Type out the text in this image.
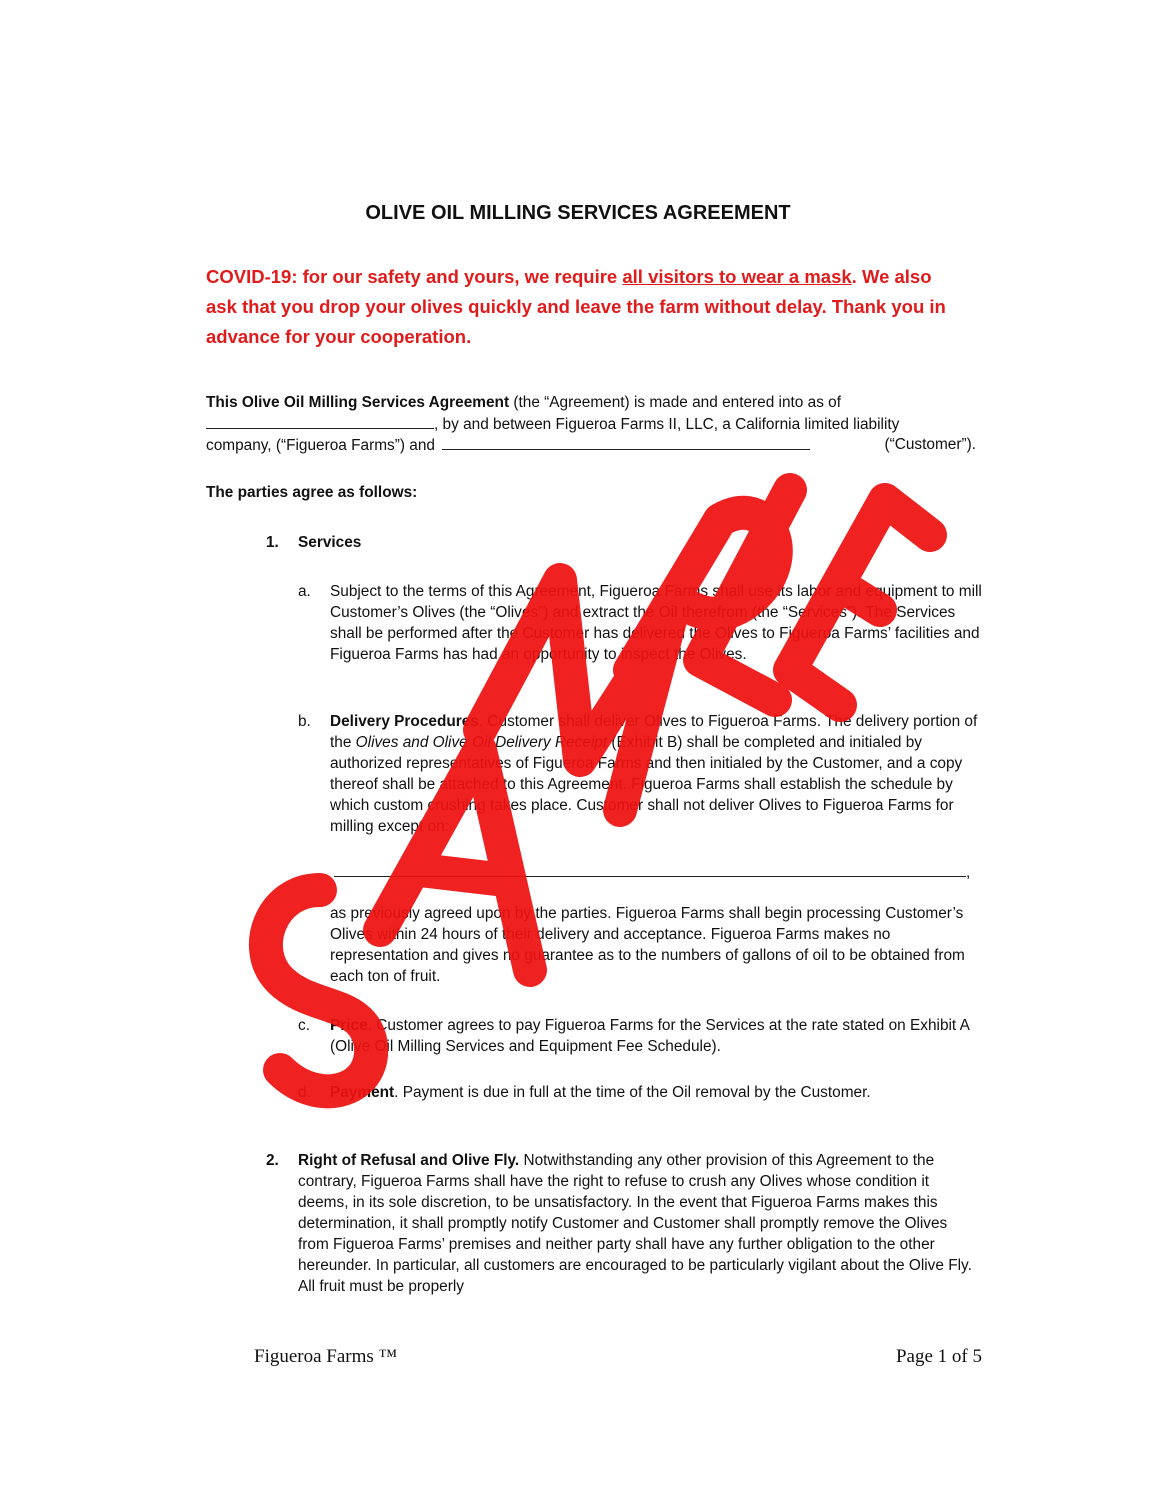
OLIVE OIL MILLING SERVICES AGREEMENT
COVID-19: for our safety and yours, we require all visitors to wear a mask. We also ask that you drop your olives quickly and leave the farm without delay. Thank you in advance for your cooperation.
This Olive Oil Milling Services Agreement (the “Agreement) is made and entered into as of
, by and between Figueroa Farms II, LLC, a California limited liability
company, (“Figueroa Farms”) and	(“Customer”).
The parties agree as follows:
1. Services
a. Subject to the terms of this Agreement, Figueroa Farms shall use its labor and equipment to mill Customer’s Olives (the “Olives”) and extract the Oil therefrom (the “Services”). The Services shall be performed after the Customer has delivered the Olives to Figueroa Farms’ facilities and Figueroa Farms has had an opportunity to inspect the Olives.
b. Delivery Procedures. Customer shall deliver Olives to Figueroa Farms. The delivery portion of the Olives and Olive Oil Delivery Receipt (Exhibit B) shall be completed and initialed by authorized representatives of Figueroa Farms and then initialed by the Customer, and a copy thereof shall be attached to this Agreement. Figueroa Farms shall establish the schedule by which custom crushing takes place. Customer shall not deliver Olives to Figueroa Farms for milling except on:
,
as previously agreed upon by the parties. Figueroa Farms shall begin processing Customer’s Olives within 24 hours of their delivery and acceptance. Figueroa Farms makes no representation and gives no guarantee as to the numbers of gallons of oil to be obtained from each ton of fruit.
c. Price. Customer agrees to pay Figueroa Farms for the Services at the rate stated on Exhibit A (Olive Oil Milling Services and Equipment Fee Schedule).
d. Payment. Payment is due in full at the time of the Oil removal by the Customer.
2. Right of Refusal and Olive Fly. Notwithstanding any other provision of this Agreement to the contrary, Figueroa Farms shall have the right to refuse to crush any Olives whose condition it deems, in its sole discretion, to be unsatisfactory. In the event that Figueroa Farms makes this determination, it shall promptly notify Customer and Customer shall promptly remove the Olives from Figueroa Farms’ premises and neither party shall have any further obligation to the other hereunder. In particular, all customers are encouraged to be particularly vigilant about the Olive Fly. All fruit must be properly
Figueroa Farms ™	Page 1 of 5
